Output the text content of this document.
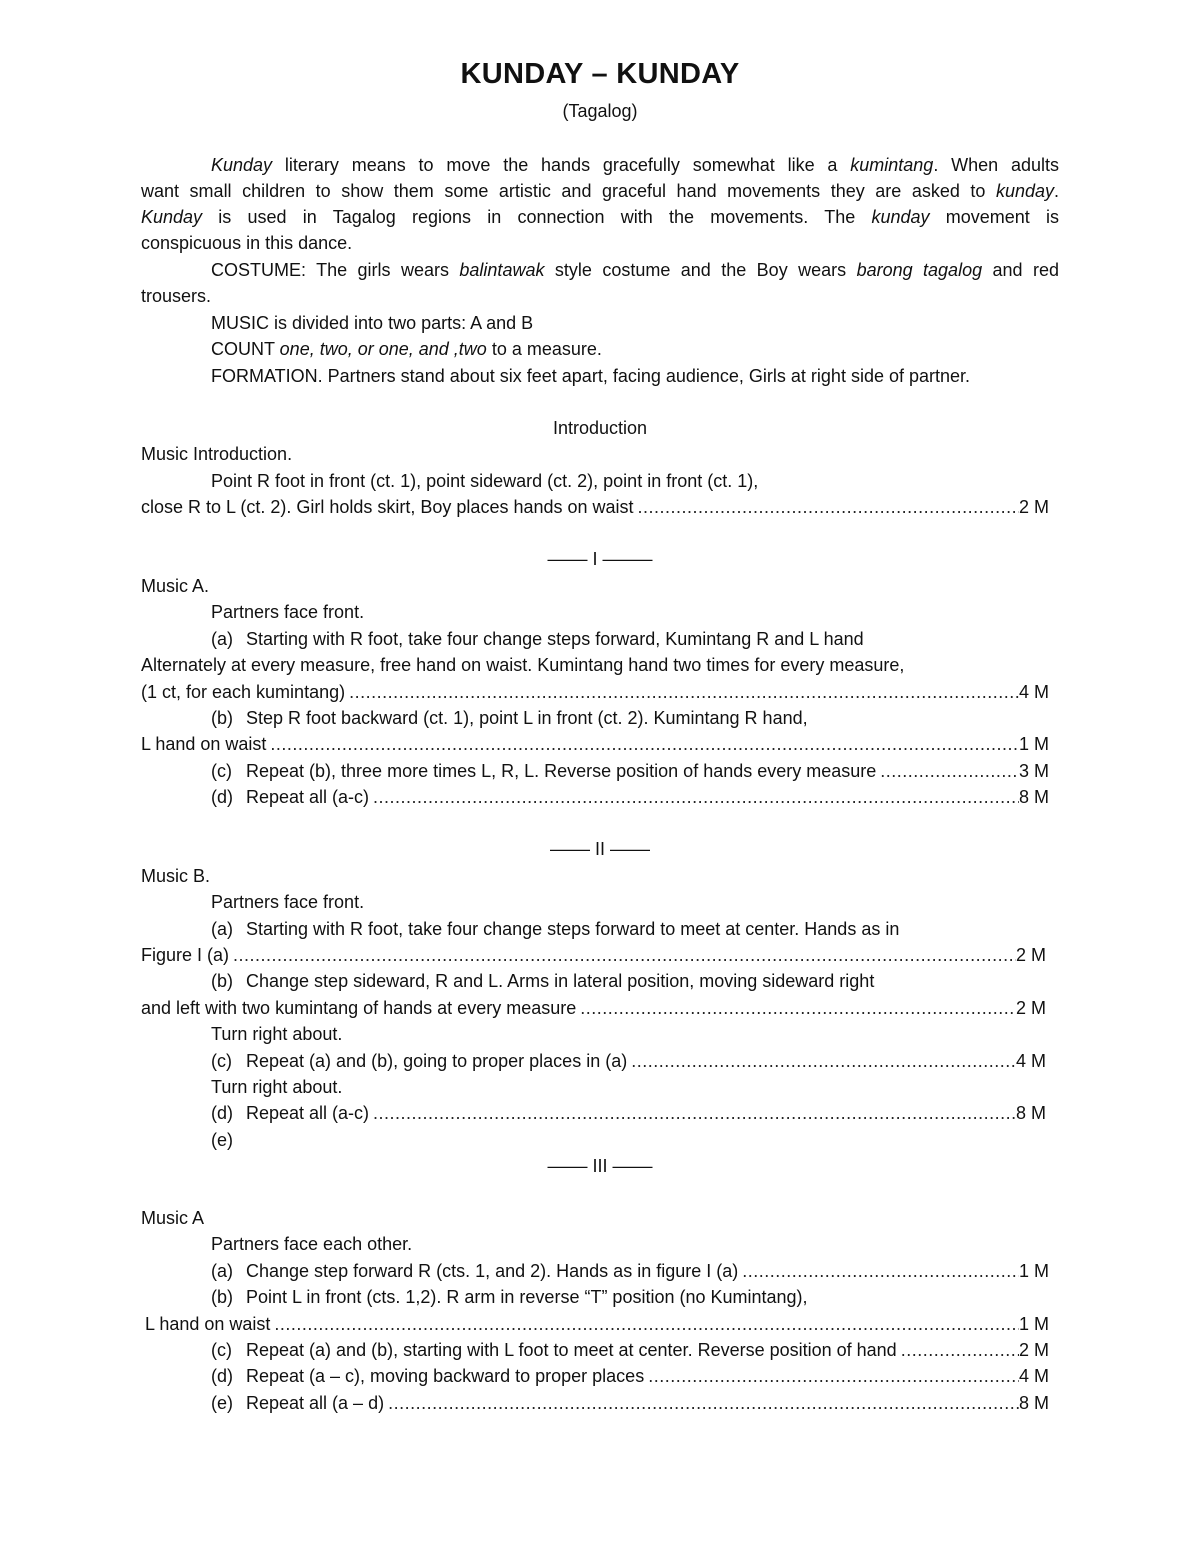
KUNDAY – KUNDAY
(Tagalog)
Kunday literary means to move the hands gracefully somewhat like a kumintang. When adults
want small children to show them some artistic and graceful hand movements they are asked to kunday.
Kunday is used in Tagalog regions in connection with the movements. The kunday movement is
conspicuous in this dance.
COSTUME: The girls wears balintawak style costume and the Boy wears barong tagalog and red
trousers.
MUSIC is divided into two parts: A and B
COUNT one, two, or one, and ,two to a measure.
FORMATION. Partners stand about six feet apart, facing audience, Girls at right side of partner.
Introduction
Music Introduction.
Point R foot in front (ct. 1), point sideward (ct. 2), point in front (ct. 1),
close R to L (ct. 2). Girl holds skirt, Boy places hands on waist .....	2 M
–––– I –––––
Music A.
Partners face front.
(a) Starting with R foot, take four change steps forward, Kumintang R and L hand
Alternately at every measure, free hand on waist. Kumintang hand two times for every measure,
(1 ct, for each kumintang) .....	4 M
(b) Step R foot backward (ct. 1), point L in front (ct. 2). Kumintang R hand,
L hand on waist .....	1 M
(c) Repeat (b), three more times L, R, L. Reverse position of hands every measure .....	3 M
(d) Repeat all (a-c) .....	8 M
–––– II ––––
Music B.
Partners face front.
(a) Starting with R foot, take four change steps forward to meet at center. Hands as in
Figure I (a) .....	2 M
(b) Change step sideward, R and L. Arms in lateral position, moving sideward right
and left with two kumintang of hands at every measure .....	2 M
Turn right about.
(c) Repeat (a) and (b), going to proper places in (a) .....	4 M
Turn right about.
(d) Repeat all (a-c) .....	8 M
(e)
–––– III ––––
Music A
Partners face each other.
(a) Change step forward R (cts. 1, and 2). Hands as in figure I (a) .....	1 M
(b) Point L in front (cts. 1,2). R arm in reverse “T” position (no Kumintang),
L hand on waist .....	1 M
(c) Repeat (a) and (b), starting with L foot to meet at center. Reverse position of hand .....	2 M
(d) Repeat (a – c), moving backward to proper places .....	4 M
(e) Repeat all (a – d) .....	8 M
